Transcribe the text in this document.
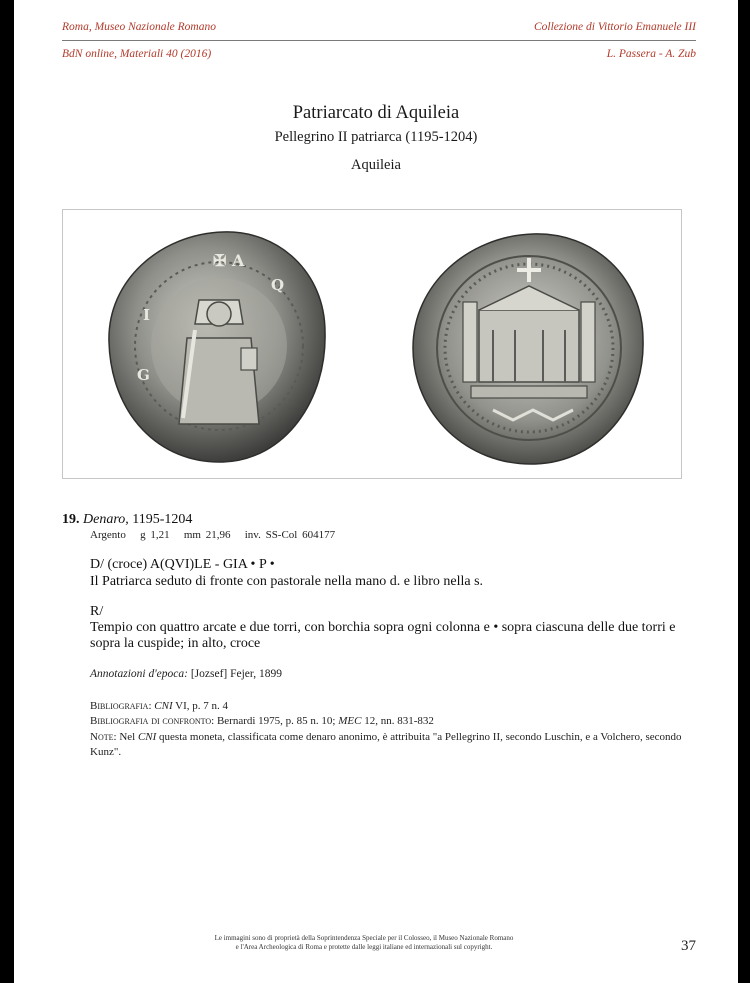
Roma, Museo Nazionale Romano	Collezione di Vittorio Emanuele III
BdN online, Materiali 40 (2016)	L. Passera - A. Zub
Patriarcato di Aquileia
Pellegrino II patriarca (1195-1204)
Aquileia
✠ A
Q
I
G
19. Denaro, 1195-1204
Argento g 1,21 mm 21,96 inv. SS-Col 604177
D/ (croce) A(QVI)LE - GIA • P •
Il Patriarca seduto di fronte con pastorale nella mano d. e libro nella s.
R/
Tempio con quattro arcate e due torri, con borchia sopra ogni colonna e • sopra ciascuna delle due torri e sopra la cuspide; in alto, croce
Annotazioni d'epoca: [Jozsef] Fejer, 1899
Bibliografia: CNI VI, p. 7 n. 4
Bibliografia di confronto: Bernardi 1975, p. 85 n. 10; MEC 12, nn. 831-832
Note: Nel CNI questa moneta, classificata come denaro anonimo, è attribuita "a Pellegrino II, secondo Luschin, e a Volchero, secondo Kunz".
Le immagini sono di proprietà della Soprintendenza Speciale per il Colosseo, il Museo Nazionale Romano
e l'Area Archeologica di Roma e protette dalle leggi italiane ed internazionali sul copyright.	37
